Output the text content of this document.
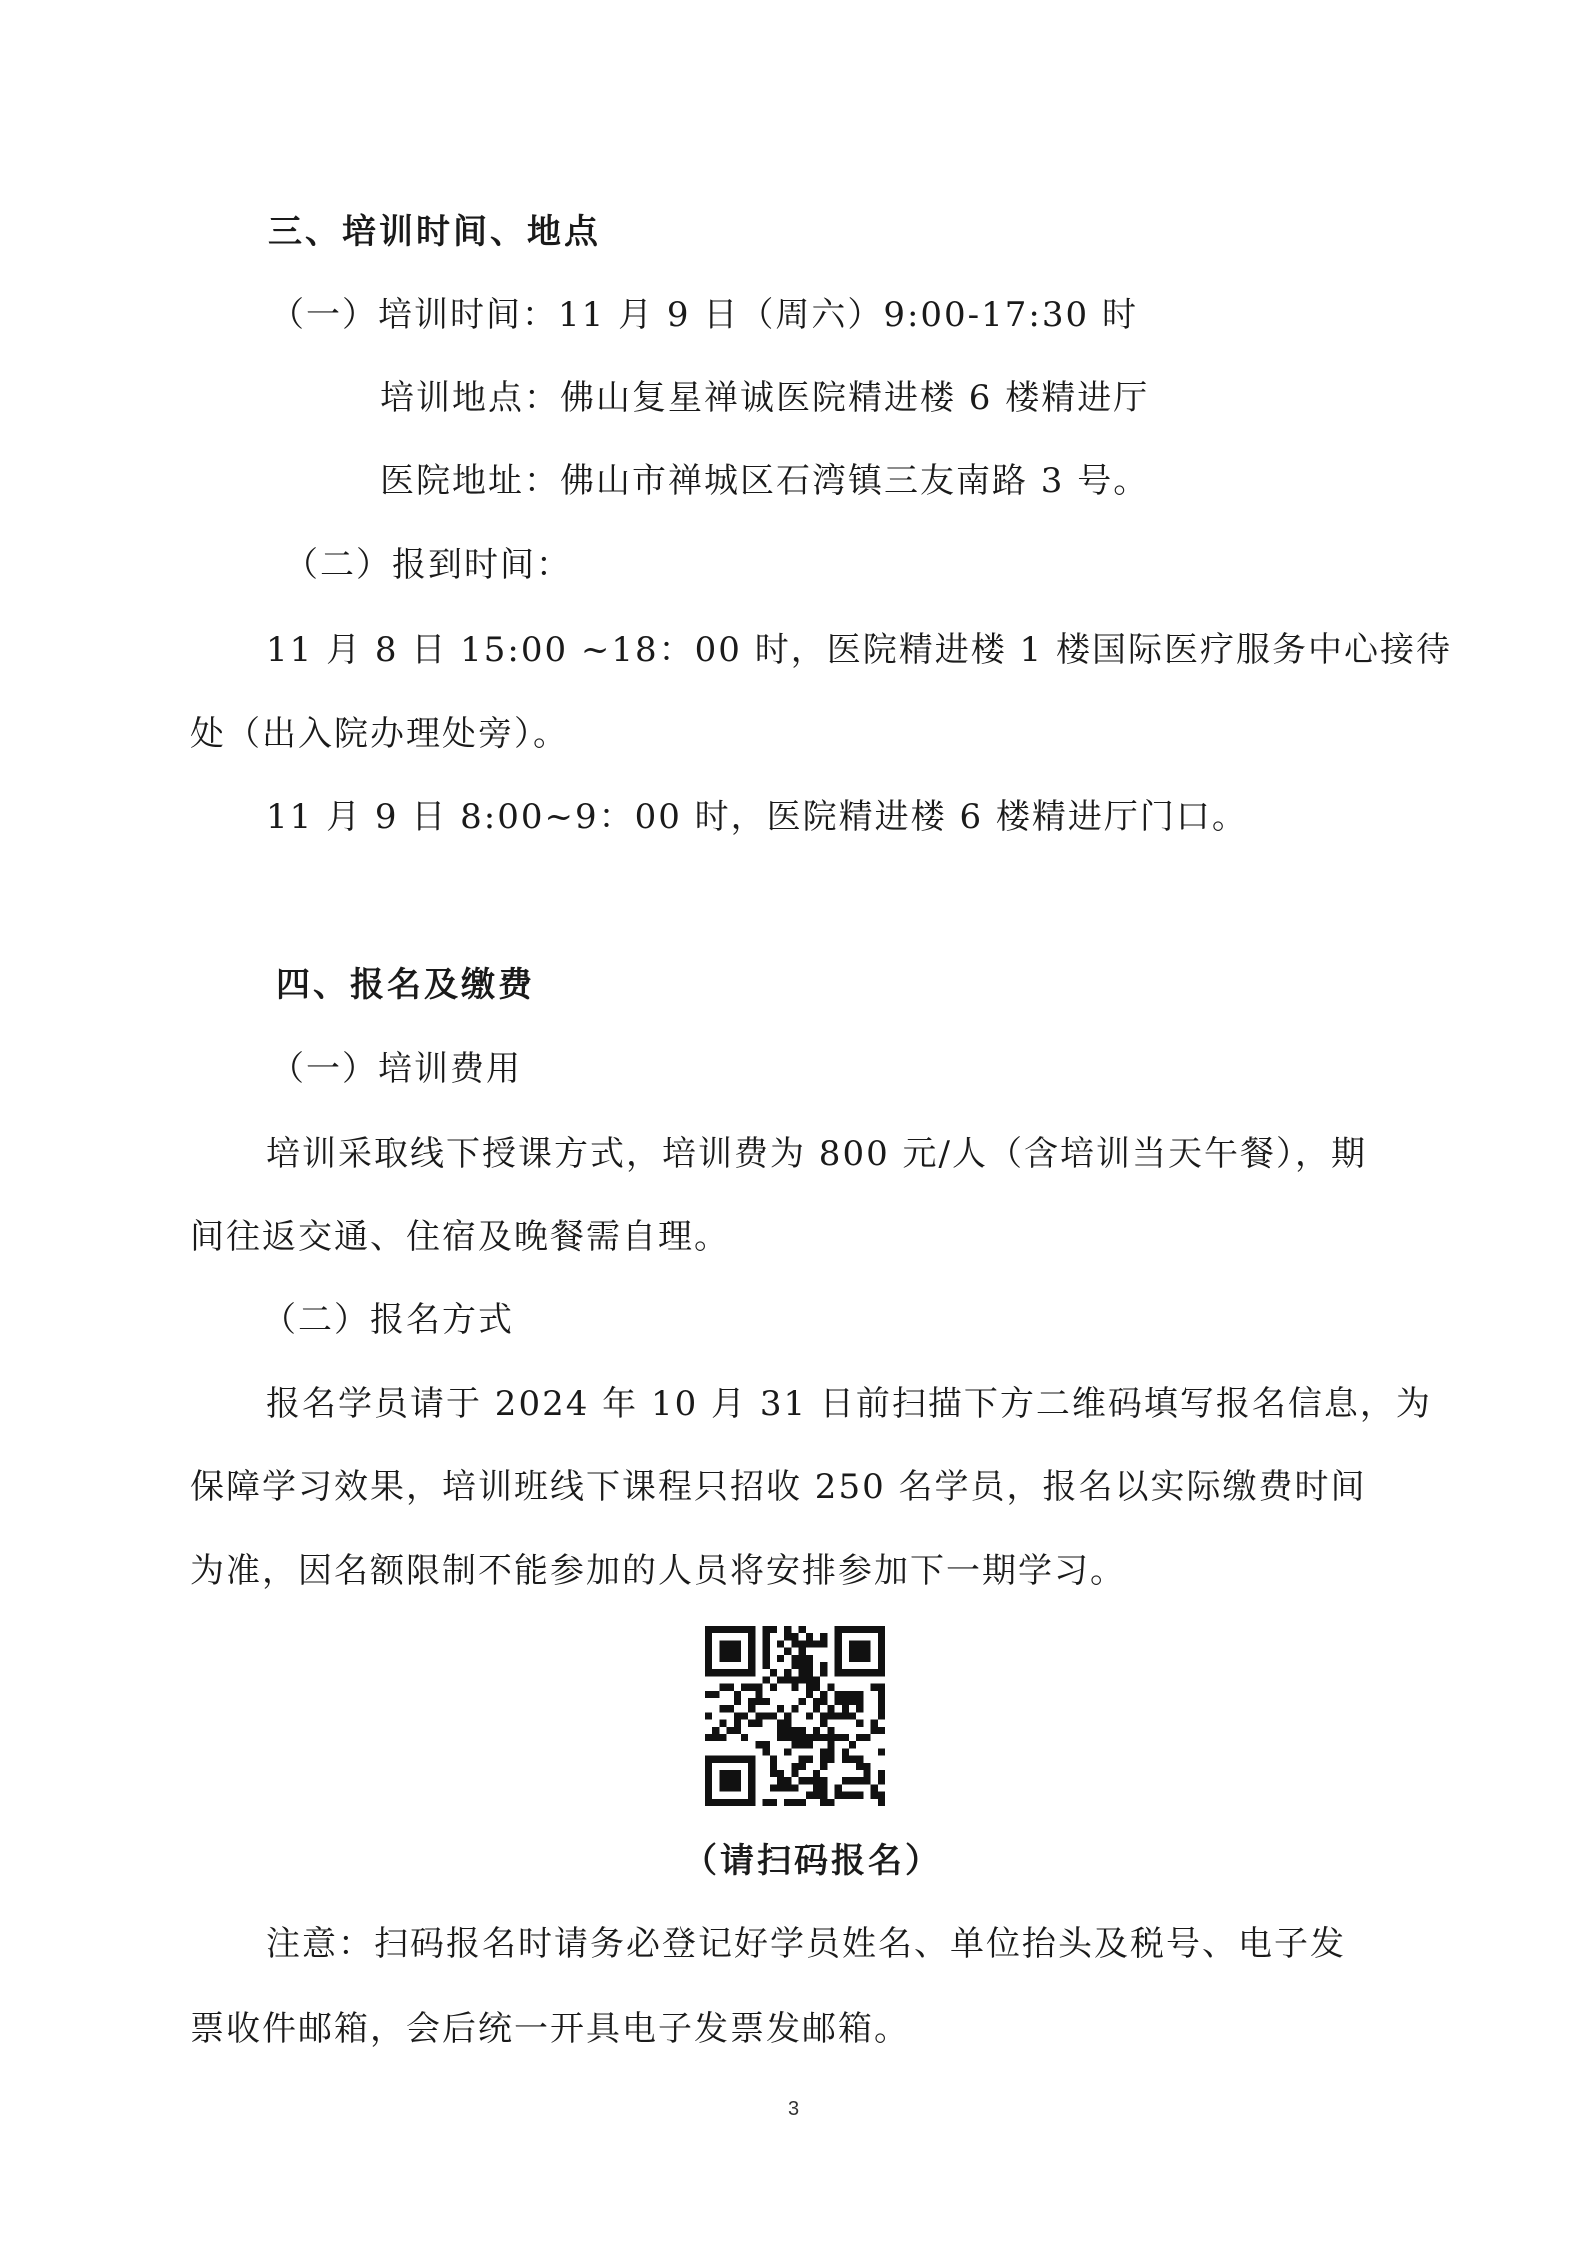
三、培训时间、地点
（一）培训时间：11 月 9 日（周六）9:00-17:30 时
培训地点：佛山复星禅诚医院精进楼 6 楼精进厅
医院地址：佛山市禅城区石湾镇三友南路 3 号。
（二）报到时间：
11 月 8 日 15:00 ~18：00 时，医院精进楼 1 楼国际医疗服务中心接待
处（出入院办理处旁）。
11 月 9 日 8:00~9：00 时，医院精进楼 6 楼精进厅门口。
四、报名及缴费
（一）培训费用
培训采取线下授课方式，培训费为 800 元/人（含培训当天午餐），期
间往返交通、住宿及晚餐需自理。
（二）报名方式
报名学员请于 2024 年 10 月 31 日前扫描下方二维码填写报名信息，为
保障学习效果，培训班线下课程只招收 250 名学员，报名以实际缴费时间
为准，因名额限制不能参加的人员将安排参加下一期学习。
（请扫码报名）
注意：扫码报名时请务必登记好学员姓名、单位抬头及税号、电子发
票收件邮箱，会后统一开具电子发票发邮箱。
3
